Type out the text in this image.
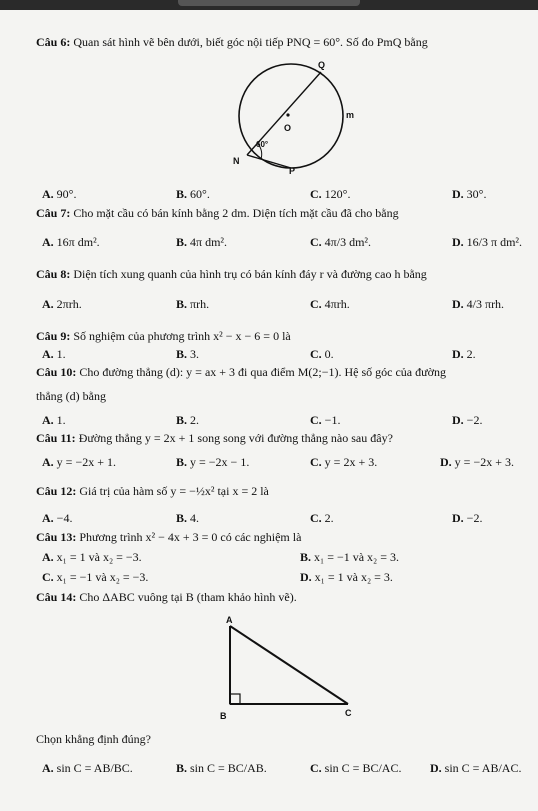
Câu 6: Quan sát hình vẽ bên dưới, biết góc nội tiếp PNQ = 60°. Số đo PmQ bằng
Q
O
m
N
P
60°
A. 90°.	B. 60°.	C. 120°.	D. 30°.
Câu 7: Cho mặt cầu có bán kính bằng 2 dm. Diện tích mặt cầu đã cho bằng
A. 16π dm².	B. 4π dm².	C. 4π/3 dm².	D. 16/3 π dm².
Câu 8: Diện tích xung quanh của hình trụ có bán kính đáy r và đường cao h bằng
A. 2πrh.	B. πrh.	C. 4πrh.	D. 4/3 πrh.
Câu 9: Số nghiệm của phương trình x² − x − 6 = 0 là
A. 1.	B. 3.	C. 0.	D. 2.
Câu 10: Cho đường thẳng (d): y = ax + 3 đi qua điểm M(2;−1). Hệ số góc của đường
thẳng (d) bằng
A. 1.	B. 2.	C. −1.	D. −2.
Câu 11: Đường thẳng y = 2x + 1 song song với đường thẳng nào sau đây?
A. y = −2x + 1.	B. y = −2x − 1.	C. y = 2x + 3.	D. y = −2x + 3.
Câu 12: Giá trị của hàm số y = −½x² tại x = 2 là
A. −4.	B. 4.	C. 2.	D. −2.
Câu 13: Phương trình x² − 4x + 3 = 0 có các nghiệm là
A. x₁ = 1 và x₂ = −3.	B. x₁ = −1 và x₂ = 3.
C. x₁ = −1 và x₂ = −3.	D. x₁ = 1 và x₂ = 3.
Câu 14: Cho ΔABC vuông tại B (tham khảo hình vẽ).
A
B	C
Chọn khẳng định đúng?
A. sin C = AB/BC.	B. sin C = BC/AB.	C. sin C = BC/AC. D. sin C = AB/AC.
